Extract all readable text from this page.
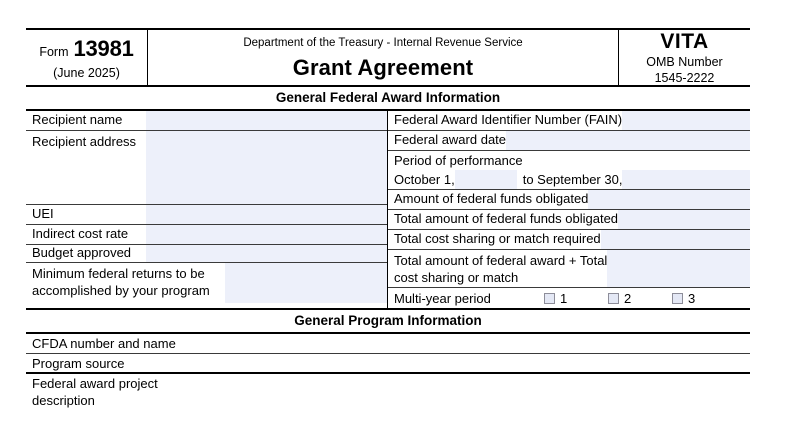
Form 13981
(June 2025)
Department of the Treasury - Internal Revenue Service
Grant Agreement
VITA
OMB Number
1545-2222
General Federal Award Information
Recipient name
Recipient address
UEI
Indirect cost rate
Budget approved
Minimum federal returns to be
accomplished by your program
Federal Award Identifier Number (FAIN)
Federal award date
Period of performance
October 1,	to September 30,
Amount of federal funds obligated
Total amount of federal funds obligated
Total cost sharing or match required
Total amount of federal award + Total
cost sharing or match
Multi-year period	1	2	3
General Program Information
CFDA number and name
Program source
Federal award project
description
